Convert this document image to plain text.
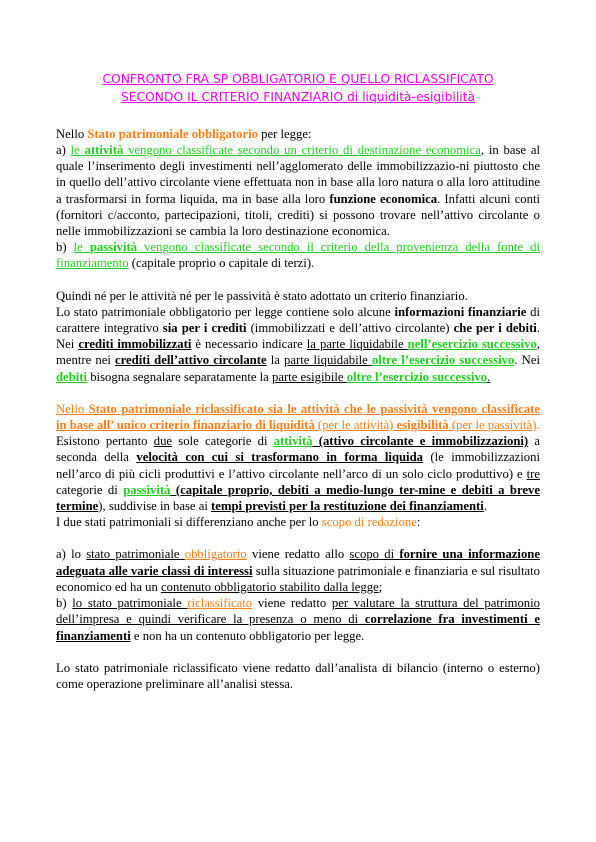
CONFRONTO FRA SP OBBLIGATORIO E QUELLO RICLASSIFICATO
SECONDO IL CRITERIO FINANZIARIO di liquidità-esigibilità

Nello Stato patrimoniale obbligatorio per legge:

a) le attività vengono classificate secondo un criterio di destinazione economica, in base al quale l’inserimento degli investimenti nell’agglomerato delle immobilizzazio-ni piuttosto che in quello dell’attivo circolante viene effettuata non in base alla loro natura o alla loro attitudine a trasformarsi in forma liquida, ma in base alla loro funzione economica. Infatti alcuni conti (fornitori c/acconto, partecipazioni, titoli, crediti) si possono trovare nell’attivo circolante o nelle immobilizzazioni se cambia la loro destinazione economica.

b) le passività vengono classificate secondo il criterio della provenienza della fonte di finanziamento (capitale proprio o capitale di terzi).

Quindi né per le attività né per le passività è stato adottato un criterio finanziario.
Lo stato patrimoniale obbligatorio per legge contiene solo alcune informazioni finanziarie di carattere integrativo sia per i crediti (immobilizzati e dell’attivo circolante) che per i debiti. Nei crediti immobilizzati è necessario indicare la parte liquidabile nell’esercizio successivo, mentre nei crediti dell’attivo circolante la parte liquidabile oltre l’esercizio successivo. Nei debiti bisogna segnalare separatamente la parte esigibile oltre l’esercizio successivo.

Nello Stato patrimoniale riclassificato sia le attività che le passività vengono classificate in base all’ unico criterio finanziario di liquidità (per le attività) esigibilità (per le passività).

Esistono pertanto due sole categorie di attività (attivo circolante e immobilizzazioni) a seconda della velocità con cui si trasformano in forma liquida (le immobilizzazioni nell’arco di più cicli produttivi e l’attivo circolante nell’arco di un solo ciclo produttivo) e tre categorie di passività (capitale proprio, debiti a medio-lungo ter-mine e debiti a breve termine), suddivise in base ai tempi previsti per la restituzione dei finanziamenti.

I due stati patrimoniali si differenziano anche per lo scopo di redazione:

a) lo stato patrimoniale obbligatorio viene redatto allo scopo di fornire una informazione adeguata alle varie classi di interessi sulla situazione patrimoniale e finanziaria e sul risultato economico ed ha un contenuto obbligatorio stabilito dalla legge;

b) lo stato patrimoniale riclassificato viene redatto per valutare la struttura del patrimonio dell’impresa e quindi verificare la presenza o meno di correlazione fra investimenti e finanziamenti e non ha un contenuto obbligatorio per legge.

Lo stato patrimoniale riclassificato viene redatto dall’analista di bilancio (interno o esterno) come operazione preliminare all’analisi stessa.
